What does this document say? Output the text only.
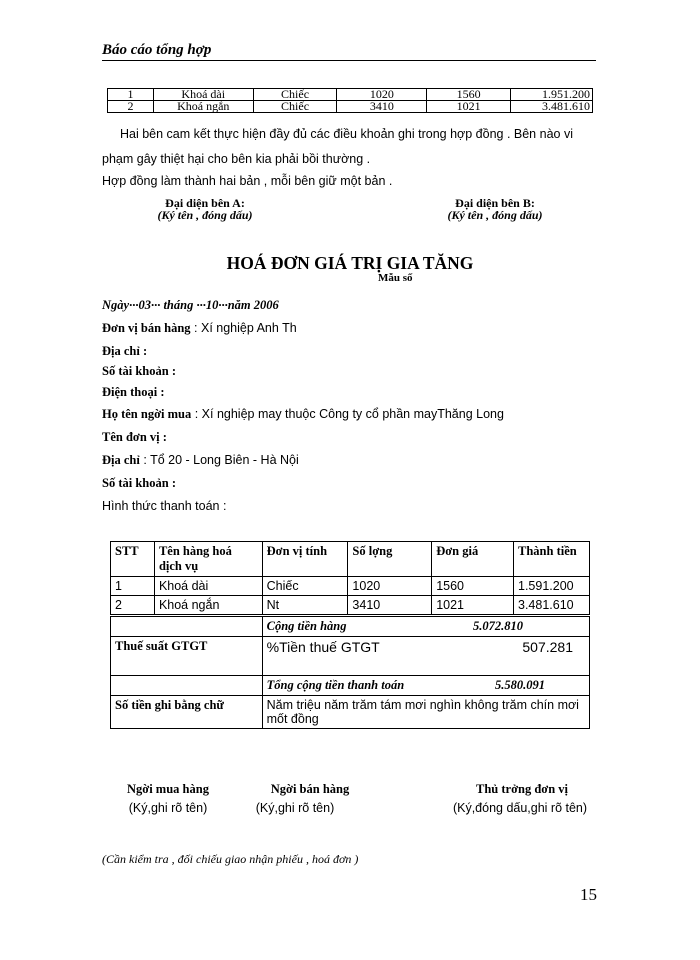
Báo cáo tổng hợp
1	Khoá dài	Chiếc	1020	1560	1.951.200
2	Khoá ngắn	Chiếc	3410	1021	3.481.610
Hai bên cam kết thực hiện đầy đủ các điều khoản ghi trong hợp đồng . Bên nào vi
phạm gây thiệt hại cho bên kia phải bồi thường .
Hợp đồng làm thành hai bản , mỗi bên giữ một bản .
Đại diện bên A:
(Ký tên , đóng dấu)
Đại diện bên B:
(Ký tên , đóng dấu)
HOÁ ĐƠN GIÁ TRỊ GIA TĂNG
Mẫu số
Ngày···03··· tháng ···10···năm 2006
Đơn vị bán hàng : Xí nghiệp Anh Th
Địa chỉ :
Số tài khoản :
Điện thoại :
Họ tên ngời mua : Xí nghiệp may thuộc Công ty cổ phần mayThăng Long
Tên đơn vị :
Địa chỉ : Tổ 20 - Long Biên - Hà Nội
Số tài khoản :
Hình thức thanh toán :
STT	Tên hàng hoá dịch vụ	Đơn vị tính	Số lợng	Đơn giá	Thành tiền
1	Khoá dài	Chiếc	1020	1560	1.591.200
2	Khoá ngắn	Nt	3410	1021	3.481.610
		Cộng tiền hàng 5.072.810			

Thuế suất GTGT		%Tiền thuế GTGT 507.281			

		Tổng cộng tiền thanh toán 5.580.091			

Số tiền ghi bằng chữ		Năm triệu năm trăm tám mơi nghìn không trăm chín mơi mốt đồng			
Ngời mua hàng
(Ký,ghi rõ tên)
Ngời bán hàng
(Ký,ghi rõ tên)
Thủ trởng đơn vị
(Ký,đóng dấu,ghi rõ tên)
(Cần kiểm tra , đối chiếu giao nhận phiếu , hoá đơn )
15
